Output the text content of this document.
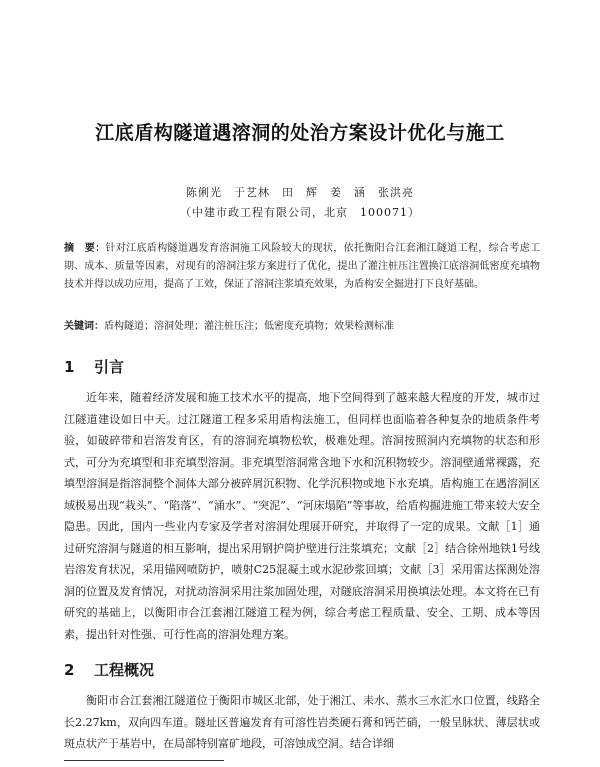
江底盾构隧道遇溶洞的处治方案设计优化与施工
陈俐光　于艺林　田　辉　姜　涵　张洪亮
（中建市政工程有限公司，北京　100071）
摘　要：针对江底盾构隧道遇发育溶洞施工风险较大的现状，依托衡阳合江套湘江隧道工程，综合考虑工期、成本、质量等因素，对现有的溶洞注浆方案进行了优化，提出了灌注桩压注置换江底溶洞低密度充填物技术并得以成功应用，提高了工效，保证了溶洞注浆填充效果，为盾构安全掘进打下良好基础。
关键词：盾构隧道；溶洞处理；灌注桩压注；低密度充填物；效果检测标准
1 引言
近年来，随着经济发展和施工技术水平的提高，地下空间得到了越来越大程度的开发，城市过江隧道建设如日中天。过江隧道工程多采用盾构法施工，但同样也面临着各种复杂的地质条件考验，如破碎带和岩溶发育区，有的溶洞充填物松软，极难处理。溶洞按照洞内充填物的状态和形式，可分为充填型和非充填型溶洞。非充填型溶洞常含地下水和沉积物较少。溶洞壁通常裸露，充填型溶洞是指溶洞整个洞体大部分被碎屑沉积物、化学沉积物或地下水充填。盾构施工在遇溶洞区域极易出现“栽头”、“陷落”、“涌水”、“突泥”、“河床塌陷”等事故，给盾构掘进施工带来较大安全隐患。因此，国内一些业内专家及学者对溶洞处理展开研究，并取得了一定的成果。文献［1］通过研究溶洞与隧道的相互影响，提出采用钢护筒护壁进行注浆填充；文献［2］结合徐州地铁1号线岩溶发育状况，采用锚网喷防护，喷射C25混凝土或水泥砂浆回填；文献［3］采用雷达探测处溶洞的位置及发育情况，对扰动溶洞采用注浆加固处理，对隧底溶洞采用换填法处理。本文将在已有研究的基础上，以衡阳市合江套湘江隧道工程为例，综合考虑工程质量、安全、工期、成本等因素，提出针对性强、可行性高的溶洞处理方案。
2 工程概况
衡阳市合江套湘江隧道位于衡阳市城区北部，处于湘江、耒水、蒸水三水汇水口位置，线路全长2.27km，双向四车道。隧址区普遍发育有可溶性岩类硬石膏和钙芒硝，一般呈脉状、薄层状或斑点状产于基岩中，在局部特别富矿地段，可溶蚀成空洞。结合详细
